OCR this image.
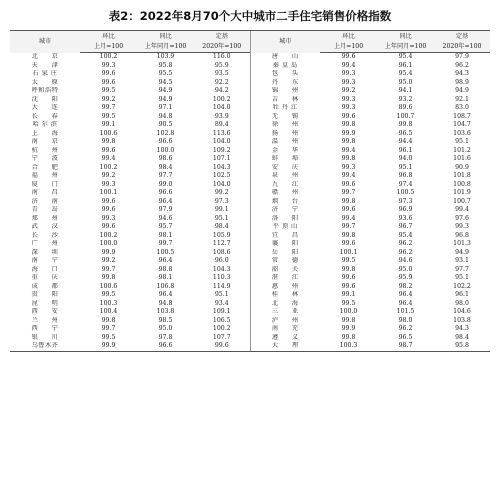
表2：2022年8月70个大中城市二手住宅销售价格指数
城市	环比	同比	定基	城市	环比	同比	定基
	上月=100	上年同月=100	2020年=100		上月=100	上年同月=100	2020年=100
北　　京	100.2	103.9	116.0	唐　　山	99.6	95.4	97.9
天　　津	99.3	95.8	95.9	秦 皇 岛	99.4	96.1	96.2
石 家 庄	99.6	95.5	93.5	包　　头	99.3	95.4	94.3
太　　原	99.6	94.5	92.2	丹　　东	99.3	95.0	98.9
呼和浩特	99.5	94.9	94.2	锦　　州	99.2	94.1	94.9
沈　　阳	99.2	94.9	100.2	吉　　林	99.3	93.2	92.1
大　　连	99.7	97.1	104.0	牡 丹 江	99.3	89.6	83.0
长　　春	99.5	94.8	93.9	无　　锡	99.6	100.7	108.7
哈 尔 滨	99.1	90.5	89.4	徐　　州	99.8	99.8	104.7
上　　海	100.6	102.8	113.6	扬　　州	99.9	96.5	103.6
南　　京	99.8	96.6	104.0	温　　州	99.8	94.4	95.1
杭　　州	99.6	100.0	109.2	金　　华	99.4	96.1	101.2
宁　　波	99.4	98.6	107.1	蚌　　埠	99.8	94.0	101.6
合　　肥	100.2	98.4	104.3	安　　庆	99.3	95.1	90.9
福　　州	99.2	97.7	102.5	泉　　州	99.4	96.8	101.8
厦　　门	99.3	99.0	104.0	九　　江	99.6	97.4	100.8
南　　昌	100.1	96.6	99.2	赣　　州	99.7	100.5	101.9
济　　南	99.6	96.4	97.3	烟　　台	99.8	97.3	100.7
青　　岛	99.6	97.9	99.1	济　　宁	99.6	96.9	99.4
郑　　州	99.3	94.6	95.1	洛　　阳	99.4	93.6	97.6
武　　汉	99.6	95.7	98.4	平 顶 山	99.7	96.7	99.3
长　　沙	100.2	98.1	105.9	宜　　昌	99.8	95.4	96.8
广　　州	100.0	99.7	112.7	襄　　阳	99.6	96.2	101.3
深　　圳	99.9	100.5	108.6	岳　　阳	100.1	96.2	94.9
南　　宁	99.2	96.4	96.0	常　　德	99.5	94.6	93.1
海　　口	99.7	98.8	104.3	韶　　关	99.8	95.0	97.7
重　　庆	99.8	98.1	110.3	湛　　江	99.6	95.9	95.1
成　　都	100.6	106.8	114.9	惠　　州	99.6	98.2	102.2
贵　　阳	99.5	96.4	95.1	桂　　林	99.1	96.4	96.1
昆　　明	100.3	94.8	93.4	北　　海	99.5	96.4	98.0
西　　安	100.4	103.8	109.1	三　　亚	100.0	101.5	104.6
兰　　州	99.8	98.5	106.5	泸　　州	99.8	98.0	103.8
西　　宁	99.7	95.0	100.2	南　　充	99.9	96.2	94.3
银　　川	99.5	97.8	107.7	遵　　义	99.8	96.5	98.4
乌鲁木齐	99.9	96.6	99.6	大　　理	100.3	98.7	95.8
